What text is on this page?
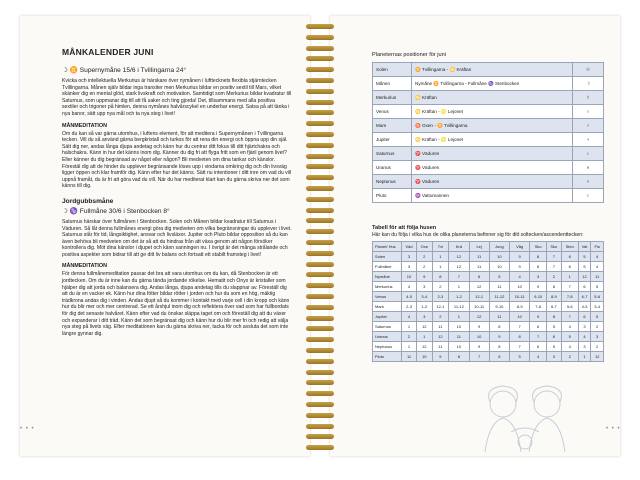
• • •	• • •
MÅNKALENDER JUNI
☽ ♊ Supernymåne 15/6 i Tvillingarna 24°

Kvicka och intellektuella Merkurius är härskare över nymånen i lufttecknets flexibla stjärntecken Tvillingarna. Månen själv bildar inga transiter men Merkurius bildar en positiv sextil till Mars, vilket skänker dig en mental glöd, stark livskraft och motivation. Samtidigt som Merkurius bildar kvadratur till Saturnus, som uppmanar dig till att få saker och ting gjorda! Det, tillsammans med alla positiva sextiler och trigoner på himlen, denna nymånes halvårscykel en underbar energi. Satsa på att tänka i nya banor, sätt upp nya mål och ta nya steg i livet!

MÅNMEDITATION

Om du kan så var gärna utomhus, i luftens element, för att meditera i Supernymånen i Tvillingarna tecken. Vill du så använd gärna bergkristall och turkos för att rena din energi och öppna upp din själ. Sätt dig ner, andas långa djupa andetag och känn hur du centrar ditt fokus till ditt hjärtchakra och halschakra. Känn in hur det känns inom dig. Känner du dig fri att flyga fritt som en fjäril genom livet? Eller känner du dig begränsad av något eller någon? Bli medveten om dina tankar och känslor. Förestäl dig att de hinder du upplever begränsande löses upp i vindarna omkring dig och din livsväg ligger öppen och klar framför dig. Känn efter hur det känns. Sätt nu intentioner i ditt inre om vad du vill uppnå framåt, du är fri att göra vad du vill. När du har mediterat klart kan du gärna skriva ner det som känns till dig.

Jordgubbsmåne
☽ ♑ Fullmåne 30/6 i Stenbocken 8°

Saturnus härskar över fullmånen i Stenbocken. Solen och Månen bildar kvadratur till Saturnus i Väduren. Så låt denna fullmånes energi göra dig medveten om vilka begränsningar du upplever i livet. Saturnus står för tid, långsiktighet, ansvar och livsläxor. Jupiter och Pluto bildar opposition så du kan även behöva bli medveten om det är så att du hindras från att växa genom att någon försöker kontrollera dig. Möt dina känslor i djupet och känn sanningen nu. I övrigt är det många strålande och positiva aspekter som bidrar till att ge ditt liv balans och fortsatt ett stabilt framsteg i livet!

MÅNMEDITATION

För denna fullmånemeditation passar det bra att vara utomhus om du kan, då Stenbocken är ett jordtecken. Om du är inne kan du gärna tända jordande rökelse. Hematit och Onyx är kristaller som hjälper dig att jorda och balansera dig. Andas långa, djupa andetag tills du slappnar av. Föreställ dig att du är en vacker ek. Känn hur dina fötter bildar rötter i jorden och hur du som en hög, mäktig trädkrona andas dig i vinden. Andas djupt så du kommer i kontakt med varje cell i din kropp och känn hur du blir mer och mer centrerad. Se ett årshjul inom dig och reflektera över vad som har fullbordats för dig det senaste halvåret. Känn efter vad du önskar släppa taget om och föreställ dig att du växer och expanderar i ditt träd. Känn det som begränsat dig och känn hur du blir mer fri och redig att välja nya steg på livets väg. Efter meditationen kan du gärna skriva ner, tacka för och avsluta det som inte längre gynnar dig.

Planeternas positioner för juni
Solen	♊ Tvillingarna - ♋ Kräftan	☉
Månen	Nymåne ♊ Tvillingarna - Fullmåne ♑ Stenbocken	☽
Merkurius	♋ Kräftan	☿
Venus	♋ Kräftan - ♌ Lejonet	♀
Mars	♉ Oxen - ♊ Tvillingarna	♂
Jupiter	♋ Kräftan - ♌ Lejonet	♃
Saturnus	♈ Väduren	♄
Uranus	♈ Väduren	♅
Neptunus	♈ Väduren	♆
Pluto	♒ Vattumannen	♇
Tabell för att följa husen
Här kan du följa i vilka hus de olika planeterna befinner sig för ditt soltecken/ascendenttecken:
Planet/ Hus	Väd	Oxe	Tvi	Krä	Lej	Jung	Våg	Sko	Sko	Sten	Vat	Fis
Solen	3	2	1	12	11	10	9	8	7	6	5	4
Fullmåne	3	2	1	12	11	10	9	8	7	6	5	4
Nymåne	10	9	8	7	6	5	4	3	2	1	12	11
Merkurius	4	3	2	1	12	11	10	9	8	7	6	5
Venus	4-5	3-4	2-3	1-2	12-1	11-12	10-11	9-10	8-9	7-8	6-7	5-6
Mars	2-3	1-2	12-1	11-12	10-11	9-10	8-9	7-8	6-7	5-6	4-5	3-4
Jupiter	4	3	2	1	12	11	10	9	8	7	6	5
Saturnus	1	12	11	10	9	8	7	6	5	4	3	2
Uranus	2	1	12	11	10	9	8	7	6	5	4	3
Neptunus	1	12	11	10	9	8	7	6	5	4	3	2
Pluto	11	10	9	8	7	6	5	4	3	2	1	12
